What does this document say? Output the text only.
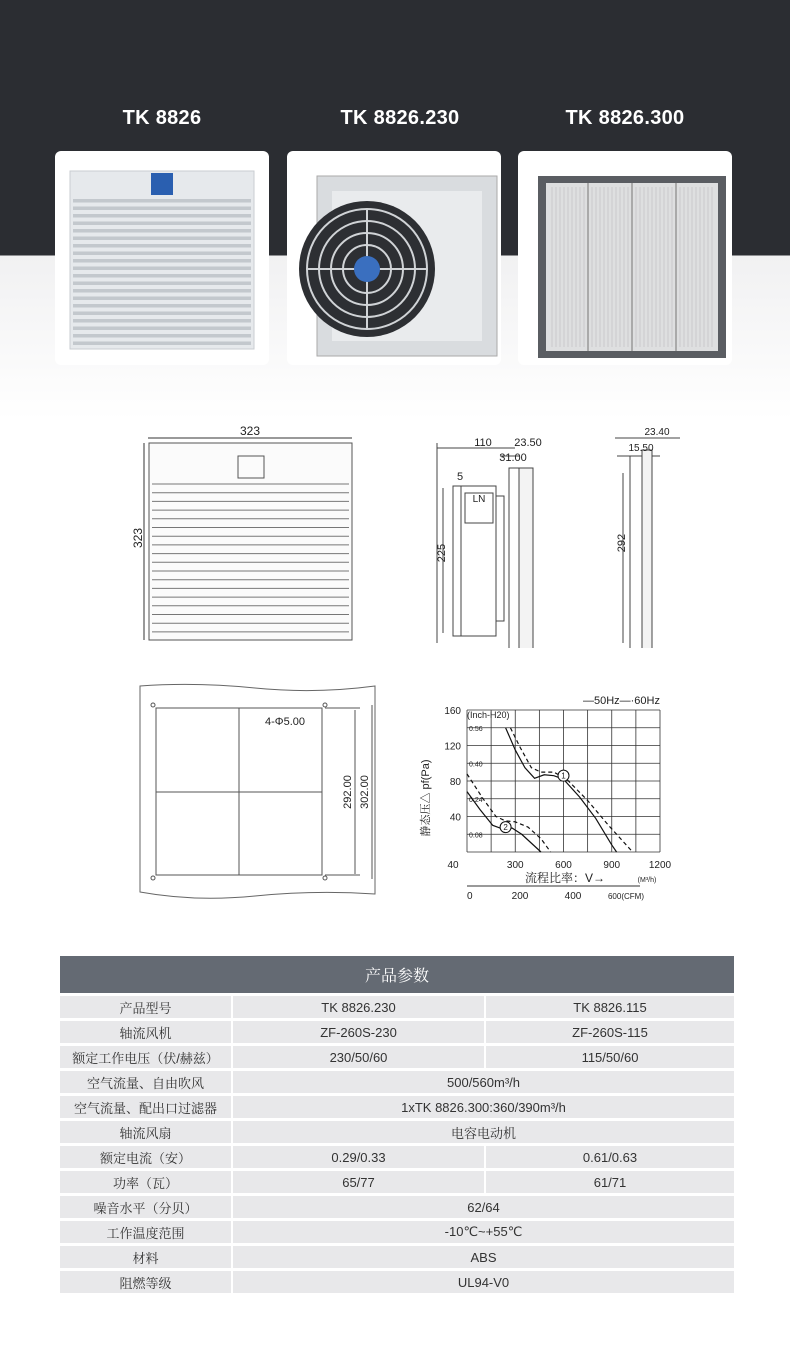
TK 8826	TK 8826.230	TK 8826.300
323
323
110 23.50
31.00
5
LN
225
23.40
15.50
292
4-Φ5.00
292.00 302.00
—50Hz—·60Hz
静态压△ pf(Pa)
(Inch-H20)
流程比率：V→	(M³/h)
160
120
80
40
40	300	600	900	1200
0.56
0.40
0.24
0.08
0	200	400	600(CFM)
1
2
产品参数		
产品型号	TK 8826.230	TK 8826.115
轴流风机	ZF-260S-230	ZF-260S-115
额定工作电压（伏/赫兹）	230/50/60	115/50/60
空气流量、自由吹风	500/560m³/h	
空气流量、配出口过滤器	1xTK 8826.300:360/390m³/h	
轴流风扇	电容电动机	
额定电流（安）	0.29/0.33	0.61/0.63
功率（瓦）	65/77	61/71
噪音水平（分贝）	62/64	
工作温度范围	-10℃~+55℃	
材料	ABS	
阻燃等级	UL94-V0	
